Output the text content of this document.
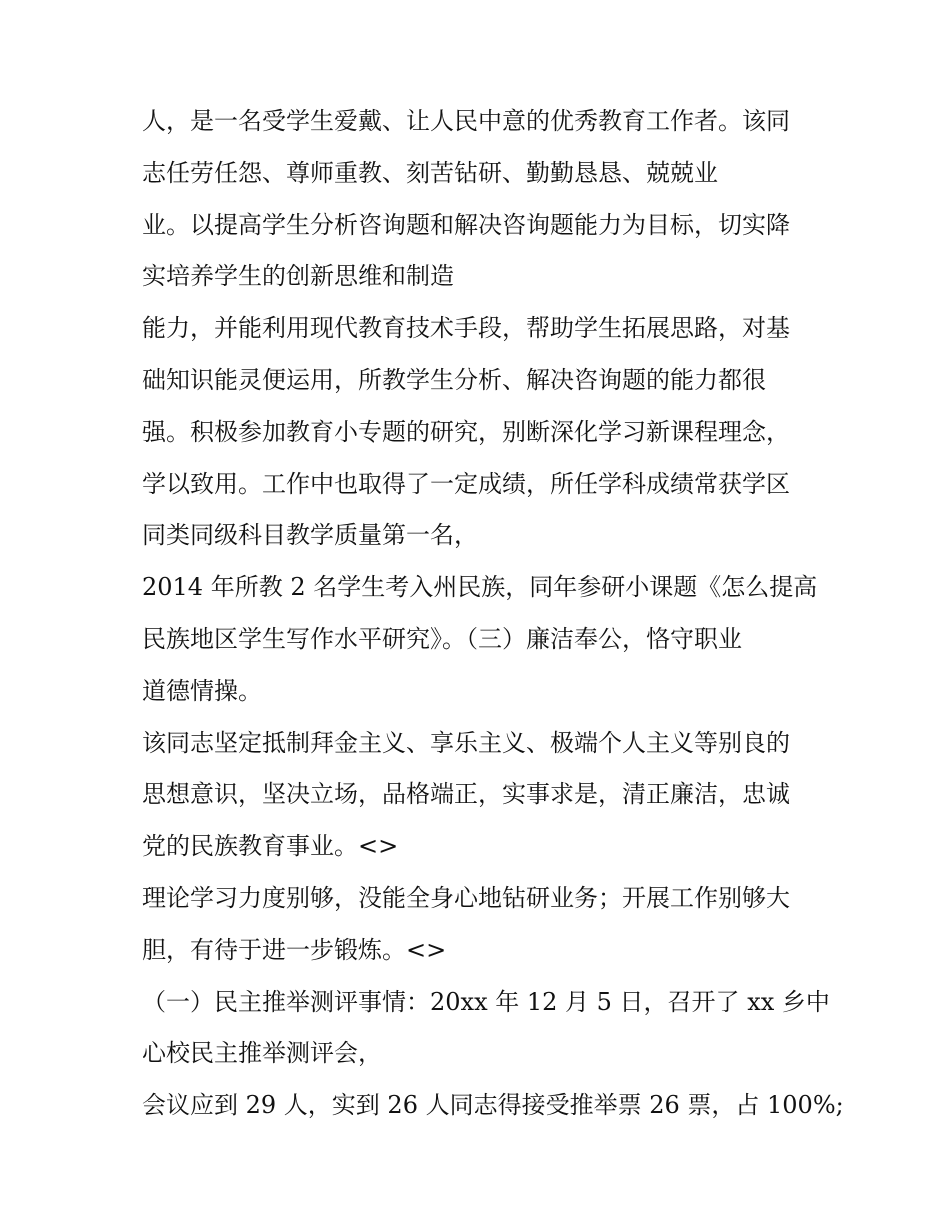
人，是一名受学生爱戴、让人民中意的优秀教育工作者。该同

志任劳任怨、尊师重教、刻苦钻研、勤勤恳恳、兢兢业

业。以提高学生分析咨询题和解决咨询题能力为目标，切实降

实培养学生的创新思维和制造

能力，并能利用现代教育技术手段，帮助学生拓展思路，对基

础知识能灵便运用，所教学生分析、解决咨询题的能力都很

强。积极参加教育小专题的研究，别断深化学习新课程理念，

学以致用。工作中也取得了一定成绩，所任学科成绩常获学区

同类同级科目教学质量第一名，

2014 年所教 2 名学生考入州民族，同年参研小课题《怎么提高

民族地区学生写作水平研究》。（三）廉洁奉公，恪守职业

道德情操。

该同志坚定抵制拜金主义、享乐主义、极端个人主义等别良的

思想意识，坚决立场，品格端正，实事求是，清正廉洁，忠诚

党的民族教育事业。<>

理论学习力度别够，没能全身心地钻研业务；开展工作别够大

胆，有待于进一步锻炼。<>

（一）民主推举测评事情：20xx 年 12 月 5 日，召开了 xx 乡中

心校民主推举测评会，

会议应到 29 人，实到 26 人同志得接受推举票 26 票，占 100%;
